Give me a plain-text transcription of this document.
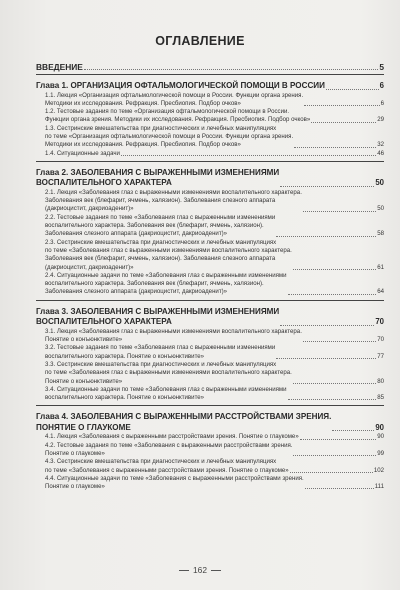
ОГЛАВЛЕНИЕ
ВВЕДЕНИЕ	5
Глава 1. ОРГАНИЗАЦИЯ ОФТАЛЬМОЛОГИЧЕСКОЙ ПОМОЩИ В РОССИИ	6
1.1. Лекция «Организация офтальмологической помощи в России. Функции органа зрения.
Методики их исследования. Рефракция. Пресбиопия. Подбор очков»	6
1.2. Тестовые задания по теме «Организация офтальмологической помощи в России.
Функции органа зрения. Методики их исследования. Рефракция. Пресбиопия. Подбор очков»	29
1.3. Сестринские вмешательства при диагностических и лечебных манипуляциях
по теме «Организация офтальмологической помощи в России. Функции органа зрения.
Методики их исследования. Рефракция. Пресбиопия. Подбор очков»	32
1.4. Ситуационные задачи	46
Глава 2. ЗАБОЛЕВАНИЯ С ВЫРАЖЕННЫМИ ИЗМЕНЕНИЯМИ
ВОСПАЛИТЕЛЬНОГО ХАРАКТЕРА	50
2.1. Лекция «Заболевания глаз с выраженными изменениями воспалительного характера.
Заболевания век (блефарит, ячмень, халязион). Заболевания слезного аппарата
(дакриоцистит, дакриоаденит)»	50
2.2. Тестовые задания по теме «Заболевания глаз с выраженными изменениями
воспалительного характера. Заболевания век (блефарит, ячмень, халязион).
Заболевания слезного аппарата (дакриоцистит, дакриоаденит)»	58
2.3. Сестринские вмешательства при диагностических и лечебных манипуляциях
по теме «Заболевания глаз с выраженными изменениями воспалительного характера.
Заболевания век (блефарит, ячмень, халязион). Заболевания слезного аппарата
(дакриоцистит, дакриоаденит)»	61
2.4. Ситуационные задачи по теме «Заболевания глаз с выраженными изменениями
воспалительного характера. Заболевания век (блефарит, ячмень, халязион).
Заболевания слезного аппарата (дакриоцистит, дакриоаденит)»	64
Глава 3. ЗАБОЛЕВАНИЯ С ВЫРАЖЕННЫМИ ИЗМЕНЕНИЯМИ
ВОСПАЛИТЕЛЬНОГО ХАРАКТЕРА	70
3.1. Лекция «Заболевания глаз с выраженными изменениями воспалительного характера.
Понятие о конъюнктивите»	70
3.2. Тестовые задания по теме «Заболевания глаз с выраженными изменениями
воспалительного характера. Понятие о конъюнктивите»	77
3.3. Сестринские вмешательства при диагностических и лечебных манипуляциях
по теме «Заболевания глаз с выраженными изменениями воспалительного характера.
Понятие о конъюнктивите»	80
3.4. Ситуационные задачи по теме «Заболевания глаз с выраженными изменениями
воспалительного характера. Понятие о конъюнктивите»	85
Глава 4. ЗАБОЛЕВАНИЯ С ВЫРАЖЕННЫМИ РАССТРОЙСТВАМИ ЗРЕНИЯ.
ПОНЯТИЕ О ГЛАУКОМЕ	90
4.1. Лекция «Заболевания с выраженными расстройствами зрения. Понятие о глаукоме»	90
4.2. Тестовые задания по теме «Заболевания с выраженными расстройствами зрения.
Понятие о глаукоме»	99
4.3. Сестринские вмешательства при диагностических и лечебных манипуляциях
по теме «Заболевания с выраженными расстройствами зрения. Понятие о глаукоме»	102
4.4. Ситуационные задачи по теме «Заболевания с выраженными расстройствами зрения.
Понятие о глаукоме»	111
162
